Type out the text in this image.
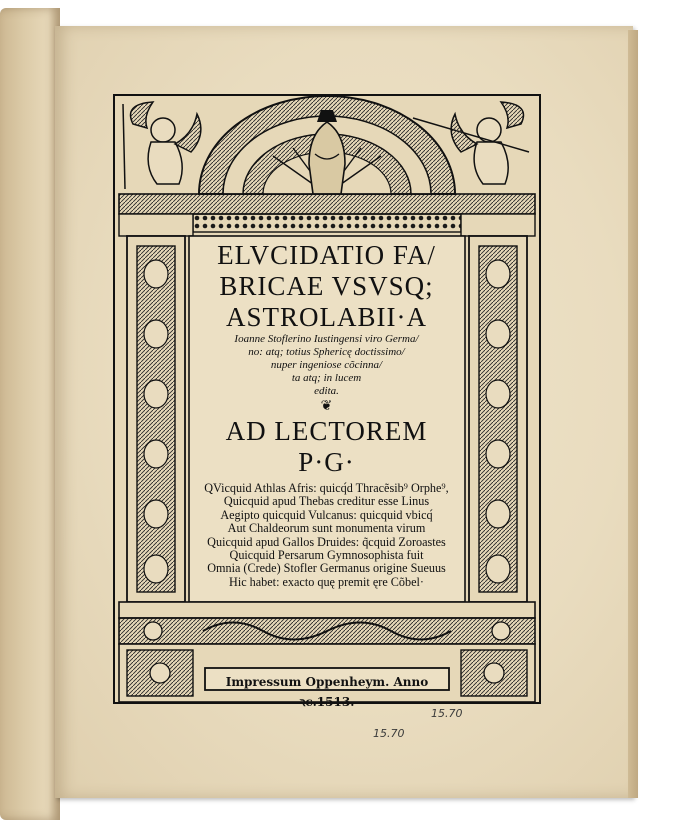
ELVCIDATIO FA/

BRICAE VSVSQ;

ASTROLABII·A

Ioanne Stoflerino Iustingensi viro Germa/

no: atq; totius Sphericę doctissimo/

nuper ingeniose cõcinna/

ta atq; in lucem

edita.

❦

AD LECTOREM

P·G·

QVicquid Athlas Afris: quicq́d Thracẽsib⁹ Orphe⁹,

Quicquid apud Thebas creditur esse Linus

Aegipto quicquid Vulcanus: quicquid vbicq́

Aut Chaldeorum sunt monumenta virum

Quicquid apud Gallos Druides: q̃cquid Zoroastes

Quicquid Persarum Gymnosophista fuit

Omnia (Crede) Stofler Germanus origine Sueuus

Hic habet: exacto quę premit ęre Cõbel·

Impressum Oppenheym. Anno ꝛc.1513.
15.70
15.70
